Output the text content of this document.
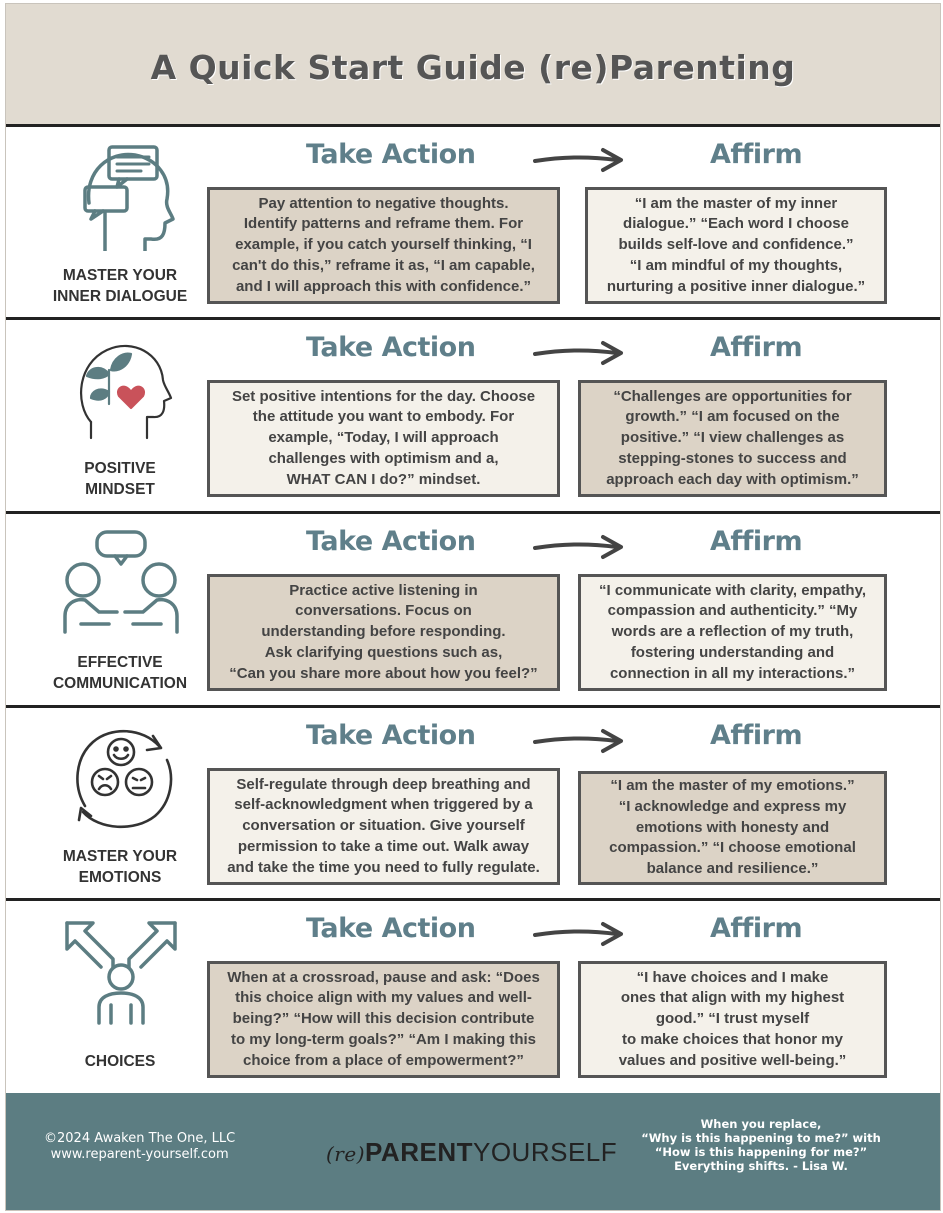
A Quick Start Guide (re)Parenting
MASTER YOUR
INNER DIALOGUE
Take Action	Affirm
Pay attention to negative thoughts.
Identify patterns and reframe them. For
example, if you catch yourself thinking, “I
can't do this,” reframe it as, “I am capable,
and I will approach this with confidence.”
“I am the master of my inner
dialogue.” “Each word I choose
builds self-love and confidence.”
“I am mindful of my thoughts,
nurturing a positive inner dialogue.”
POSITIVE
MINDSET
Take Action	Affirm
Set positive intentions for the day. Choose
the attitude you want to embody. For
example, “Today, I will approach
challenges with optimism and a,
WHAT CAN I do?” mindset.
“Challenges are opportunities for
growth.” “I am focused on the
positive.” “I view challenges as
stepping-stones to success and
approach each day with optimism.”
EFFECTIVE
COMMUNICATION
Take Action	Affirm
Practice active listening in
conversations. Focus on
understanding before responding.
Ask clarifying questions such as,
“Can you share more about how you feel?”
“I communicate with clarity, empathy,
compassion and authenticity.” “My
words are a reflection of my truth,
fostering understanding and
connection in all my interactions.”
MASTER YOUR
EMOTIONS
Take Action	Affirm
Self-regulate through deep breathing and
self-acknowledgment when triggered by a
conversation or situation. Give yourself
permission to take a time out. Walk away
and take the time you need to fully regulate.
“I am the master of my emotions.”
“I acknowledge and express my
emotions with honesty and
compassion.” “I choose emotional
balance and resilience.”
CHOICES
Take Action	Affirm
When at a crossroad, pause and ask: “Does
this choice align with my values and well-
being?” “How will this decision contribute
to my long-term goals?” “Am I making this
choice from a place of empowerment?”
“I have choices and I make
ones that align with my highest
good.” “I trust myself
to make choices that honor my
values and positive well-being.”
©2024 Awaken The One, LLC
www.reparent-yourself.com	(re)PARENTYOURSELF
When you replace,
“Why is this happening to me?” with
“How is this happening for me?”
Everything shifts. - Lisa W.
